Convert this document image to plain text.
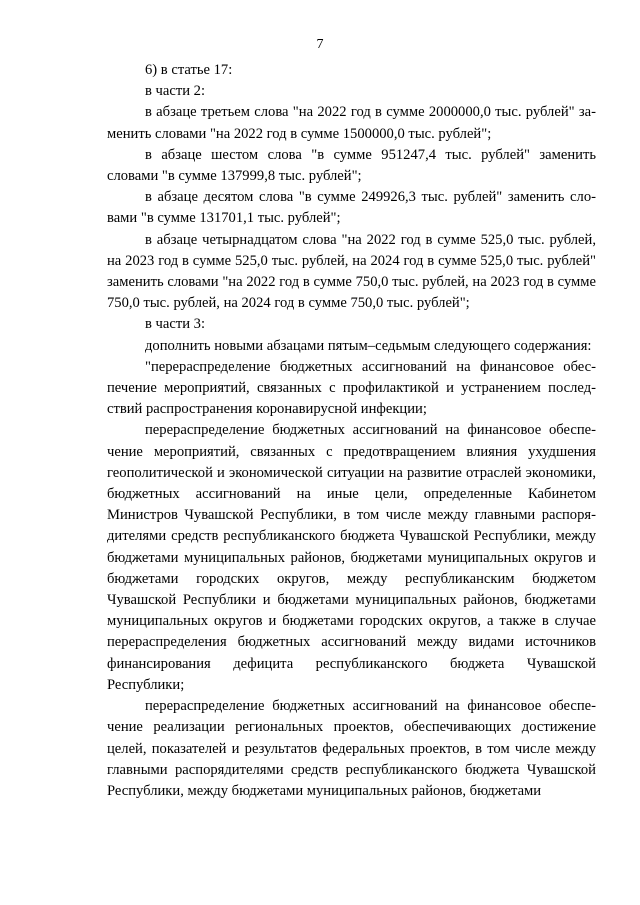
7

6) в статье 17:

в части 2:

в абзаце третьем слова "на 2022 год в сумме 2000000,0 тыс. рублей" заменить словами "на 2022 год в сумме 1500000,0 тыс. рублей";

в абзаце шестом слова "в сумме 951247,4 тыс. рублей" заменить словами "в сумме 137999,8 тыс. рублей";

в абзаце десятом слова "в сумме 249926,3 тыс. рублей" заменить словами "в сумме 131701,1 тыс. рублей";

в абзаце четырнадцатом слова "на 2022 год в сумме 525,0 тыс. рублей, на 2023 год в сумме 525,0 тыс. рублей, на 2024 год в сумме 525,0 тыс. рублей" заменить словами "на 2022 год в сумме 750,0 тыс. рублей, на 2023 год в сумме 750,0 тыс. рублей, на 2024 год в сумме 750,0 тыс. рублей";

в части 3:

дополнить новыми абзацами пятым–седьмым следующего содержания:

"перераспределение бюджетных ассигнований на финансовое обеспечение мероприятий, связанных с профилактикой и устранением последствий распространения коронавирусной инфекции;

перераспределение бюджетных ассигнований на финансовое обеспечение мероприятий, связанных с предотвращением влияния ухудшения геополитической и экономической ситуации на развитие отраслей экономики, бюджетных ассигнований на иные цели, определенные Кабинетом Министров Чувашской Республики, в том числе между главными распорядителями средств республиканского бюджета Чувашской Республики, между бюджетами муниципальных районов, бюджетами муниципальных округов и бюджетами городских округов, между республиканским бюджетом Чувашской Республики и бюджетами муниципальных районов, бюджетами муниципальных округов и бюджетами городских округов, а также в случае перераспределения бюджетных ассигнований между видами источников финансирования дефицита республиканского бюджета Чувашской Республики;

перераспределение бюджетных ассигнований на финансовое обеспечение реализации региональных проектов, обеспечивающих достижение целей, показателей и результатов федеральных проектов, в том числе между главными распорядителями средств республиканского бюджета Чувашской Республики, между бюджетами муниципальных районов, бюджетами
